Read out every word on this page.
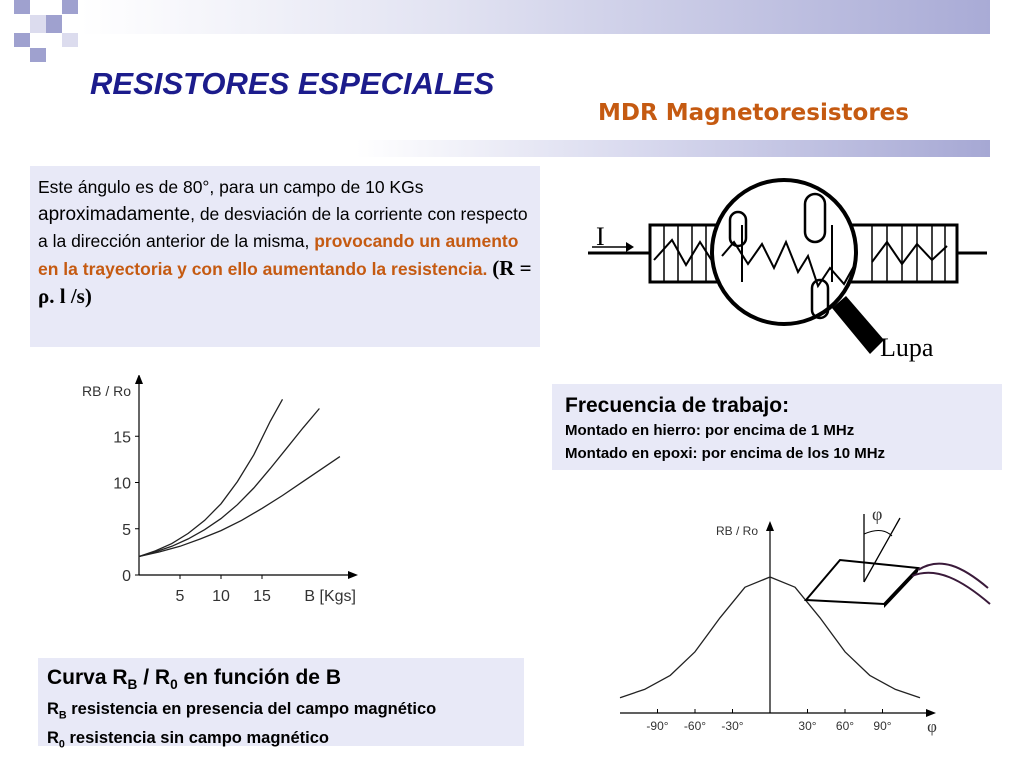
RESISTORES ESPECIALES
MDR Magnetoresistores
Este ángulo es de 80°, para un campo de 10 KGs aproximadamente, de desviación de la corriente con respecto a la dirección anterior de la misma, provocando un aumento en la trayectoria y con ello aumentando la resistencia. (R = ρ. l /s)
I
Lupa
Frecuencia de trabajo:
Montado en hierro: por encima de 1 MHz
Montado en epoxi: por encima de los 10 MHz
0
5
10
15
5 10 15 B [Kgs]
RB / Ro
RB / Ro
-90° -60° -30°	30° 60° 90° φ
φ
Curva $R_B / R_0$ en función de B
$R_B$ resistencia en presencia del campo magnético
$R_0$ resistencia sin campo magnético
